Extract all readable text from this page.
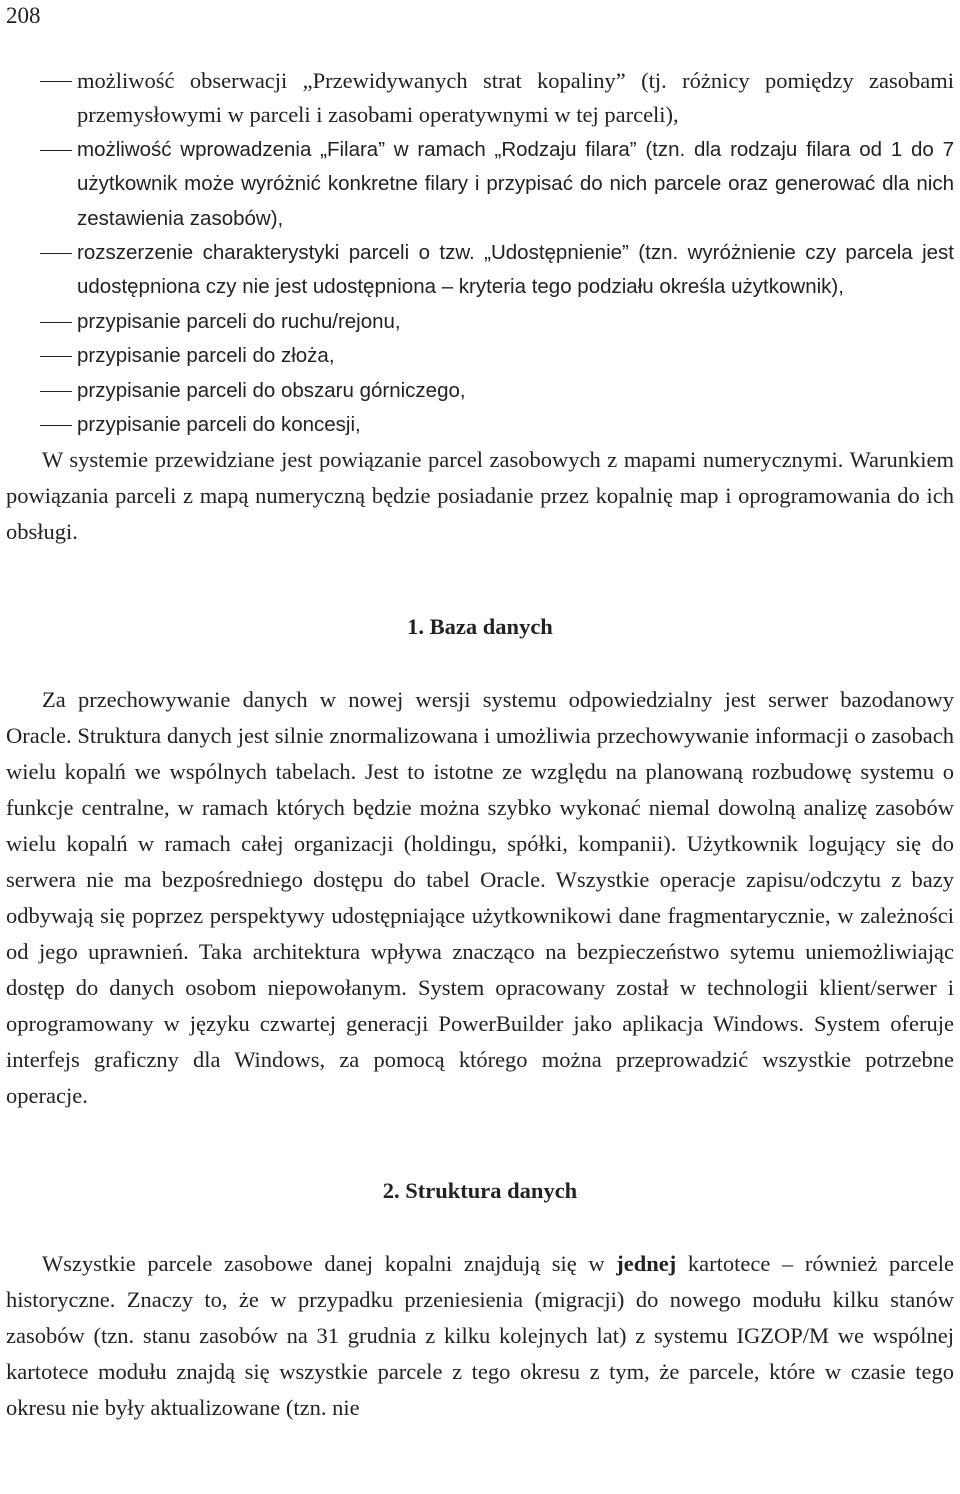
208
możliwość obserwacji „Przewidywanych strat kopaliny” (tj. różnicy pomiędzy zasobami przemysłowymi w parceli i zasobami operatywnymi w tej parceli),
możliwość wprowadzenia „Filara” w ramach „Rodzaju filara” (tzn. dla rodzaju filara od 1 do 7 użytkownik może wyróżnić konkretne filary i przypisać do nich parcele oraz generować dla nich zestawienia zasobów),
rozszerzenie charakterystyki parceli o tzw. „Udostępnienie” (tzn. wyróżnienie czy parcela jest udostępniona czy nie jest udostępniona – kryteria tego podziału określa użytkownik),
przypisanie parceli do ruchu/rejonu,
przypisanie parceli do złoża,
przypisanie parceli do obszaru górniczego,
przypisanie parceli do koncesji,

W systemie przewidziane jest powiązanie parcel zasobowych z mapami numerycznymi. Warunkiem powiązania parceli z mapą numeryczną będzie posiadanie przez kopalnię map i oprogramowania do ich obsługi.

1. Baza danych

Za przechowywanie danych w nowej wersji systemu odpowiedzialny jest serwer bazodanowy Oracle. Struktura danych jest silnie znormalizowana i umożliwia przechowywanie informacji o zasobach wielu kopalń we wspólnych tabelach. Jest to istotne ze względu na planowaną rozbudowę systemu o funkcje centralne, w ramach których będzie można szybko wykonać niemal dowolną analizę zasobów wielu kopalń w ramach całej organizacji (holdingu, spółki, kompanii). Użytkownik logujący się do serwera nie ma bezpośredniego dostępu do tabel Oracle. Wszystkie operacje zapisu/odczytu z bazy odbywają się poprzez perspektywy udostępniające użytkownikowi dane fragmentarycznie, w zależności od jego uprawnień. Taka architektura wpływa znacząco na bezpieczeństwo sytemu uniemożliwiając dostęp do danych osobom niepowołanym. System opracowany został w technologii klient/serwer i oprogramowany w języku czwartej generacji PowerBuilder jako aplikacja Windows. System oferuje interfejs graficzny dla Windows, za pomocą którego można przeprowadzić wszystkie potrzebne operacje.

2. Struktura danych

Wszystkie parcele zasobowe danej kopalni znajdują się w jednej kartotece – również parcele historyczne. Znaczy to, że w przypadku przeniesienia (migracji) do nowego modułu kilku stanów zasobów (tzn. stanu zasobów na 31 grudnia z kilku kolejnych lat) z systemu IGZOP/M we wspólnej kartotece modułu znajdą się wszystkie parcele z tego okresu z tym, że parcele, które w czasie tego okresu nie były aktualizowane (tzn. nie
